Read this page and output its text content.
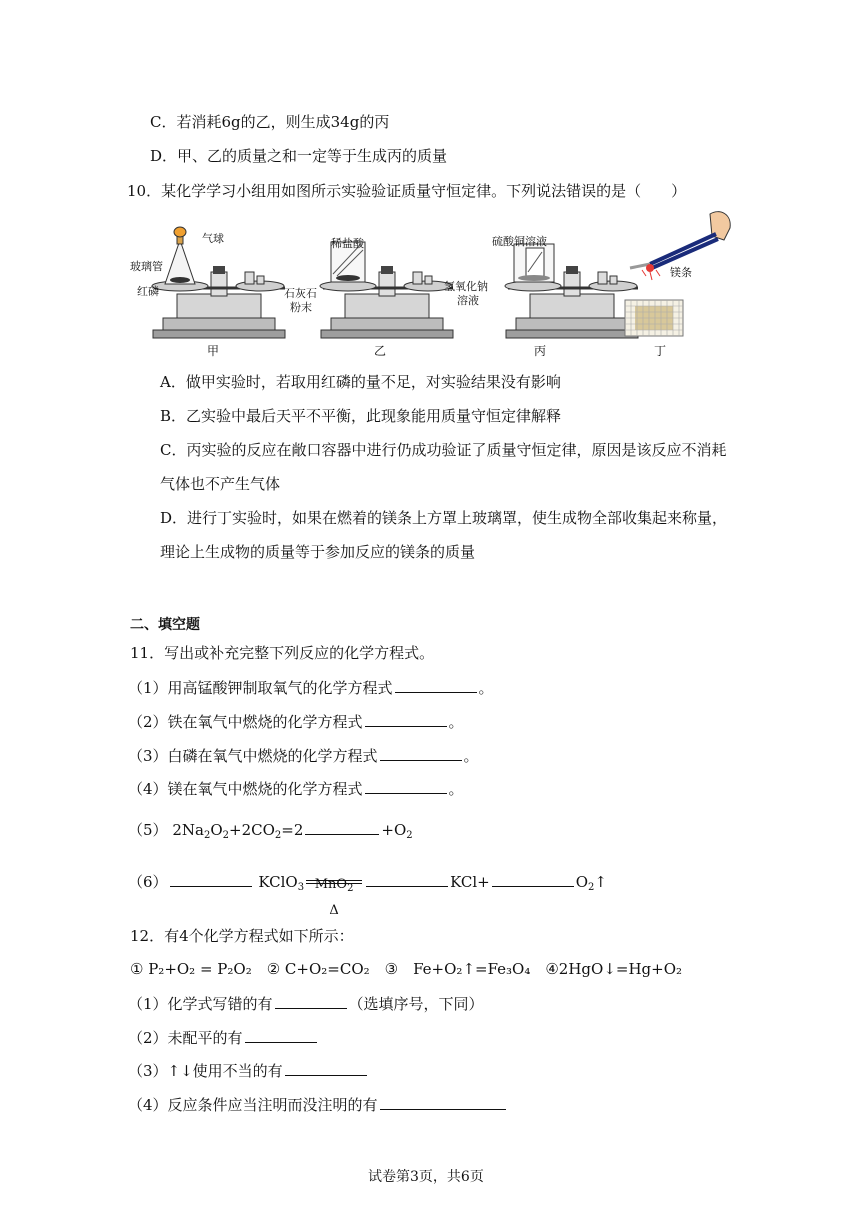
C．若消耗6g的乙，则生成34g的丙
D．甲、乙的质量之和一定等于生成丙的质量
10．某化学学习小组用如图所示实验验证质量守恒定律。下列说法错误的是（　　）
气球
玻璃管
红磷
甲
稀盐酸
石灰石
粉末
乙
硫酸铜溶液
氢氧化钠
溶液
丙
镁条
丁
A．做甲实验时，若取用红磷的量不足，对实验结果没有影响
B．乙实验中最后天平不平衡，此现象能用质量守恒定律解释
C．丙实验的反应在敞口容器中进行仍成功验证了质量守恒定律，原因是该反应不消耗
气体也不产生气体
D．进行丁实验时，如果在燃着的镁条上方罩上玻璃罩，使生成物全部收集起来称量，
理论上生成物的质量等于参加反应的镁条的质量
二、填空题
11．写出或补充完整下列反应的化学方程式。
（1）用高锰酸钾制取氧气的化学方程式	。
（2）铁在氧气中燃烧的化学方程式	。
（3）白磷在氧气中燃烧的化学方程式	。
（4）镁在氧气中燃烧的化学方程式	。
（5） $2Na_2O_2+2CO_2=2$	$+O_2$
（6）	KClO$_3$ MnO$_2$
Δ
KCl+	$O_2↑$
12．有4个化学方程式如下所示：
① P₂+O₂ = P₂O₂　② C+O₂=CO₂　③　Fe+O₂↑=Fe₃O₄　④2HgO↓=Hg+O₂
（1）化学式写错的有	（选填序号，下同）
（2）未配平的有
（3）↑↓使用不当的有
（4）反应条件应当注明而没注明的有
试卷第3页，共6页
